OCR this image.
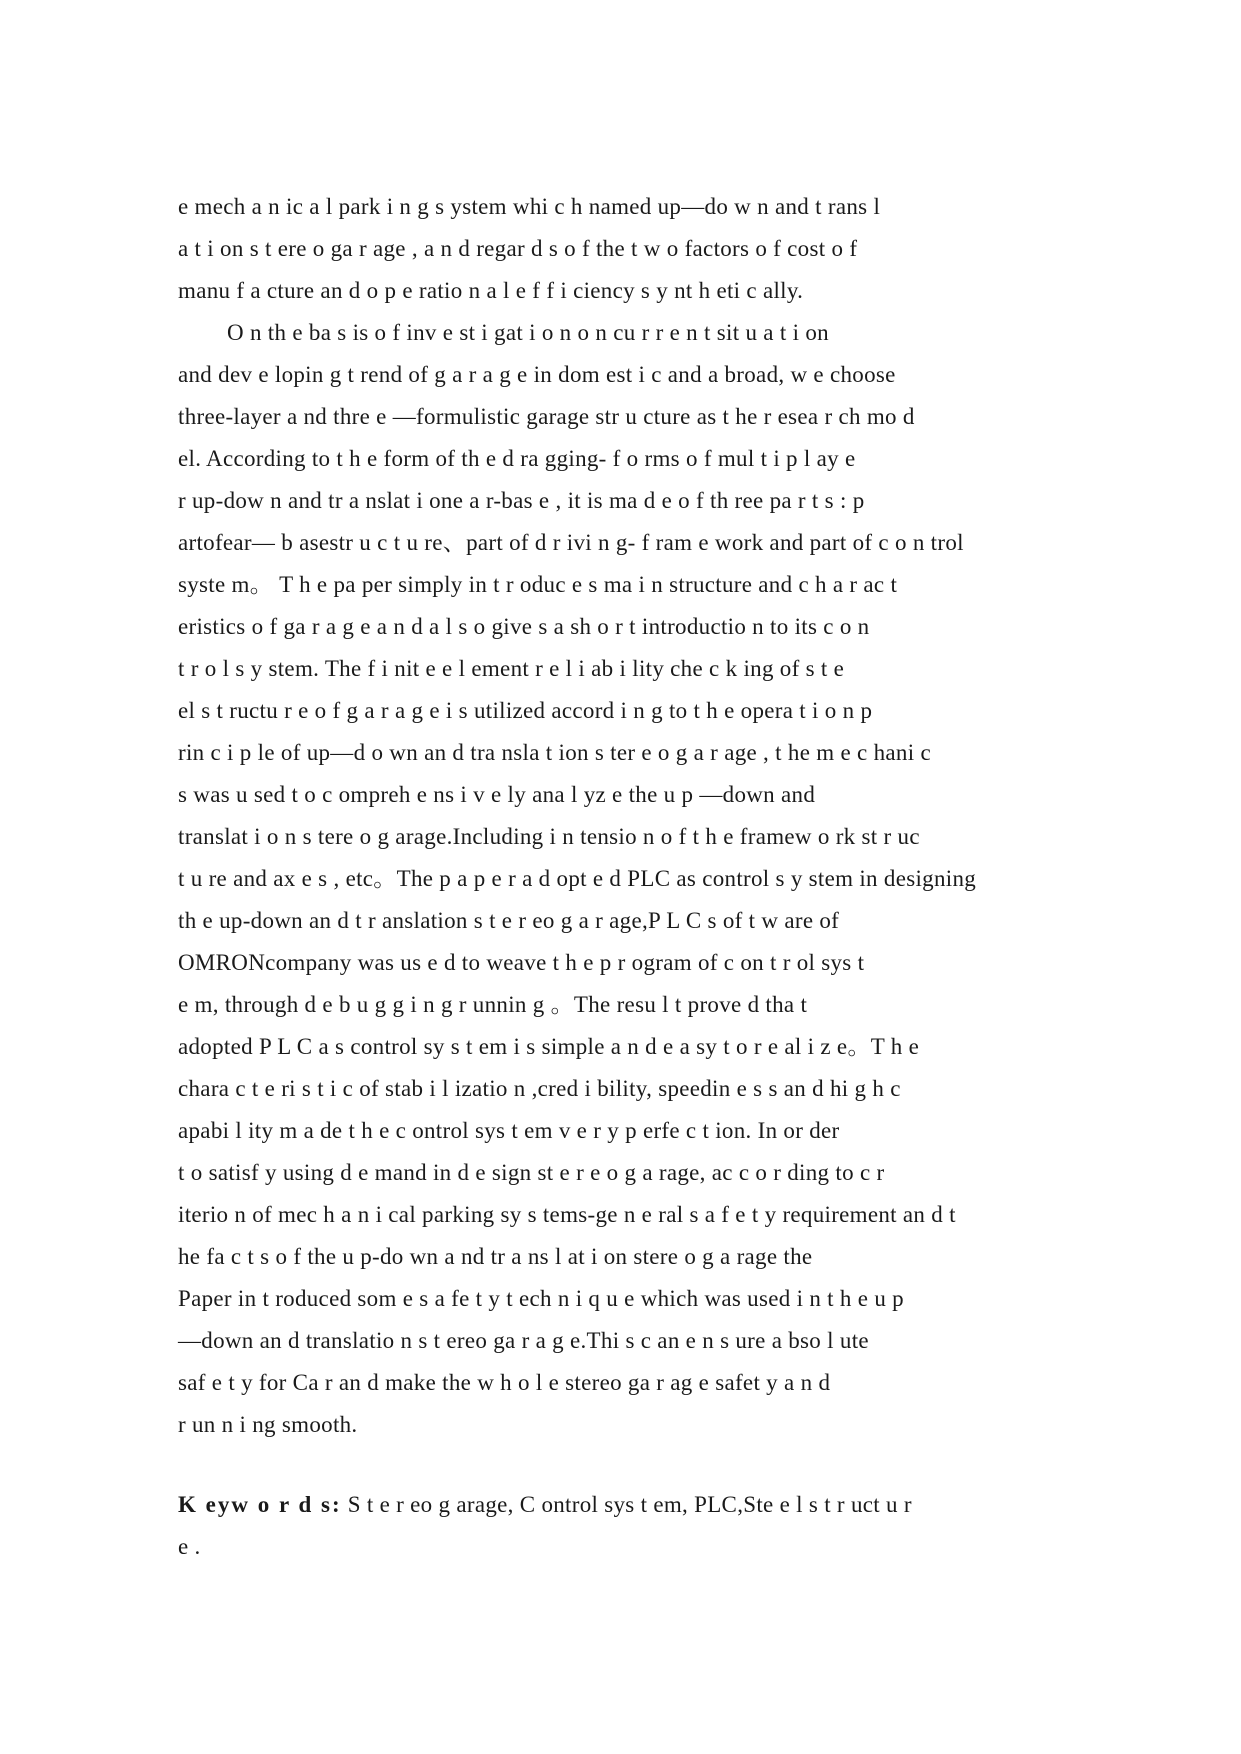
e mech a n ic a l park i n g s ystem whi c h named up—do w n and t rans l
a t i on s t ere o ga r age , a n d regar d s o f the t w o factors o f cost o f
manu f a cture an d o p e ratio n a l e f f i ciency s y nt h eti c ally.
O n th e ba s is o f inv e st i gat i o n o n cu r r e n t sit u a t i on
and dev e lopin g t rend of g a r a g e in dom est i c and a broad, w e choose
three-layer a nd thre e —formulistic garage str u cture as t he r esea r ch mo d
el. According to t h e form of th e d ra gging- f o rms o f mul t i p l ay e
r up-dow n and tr a nslat i one a r-bas e , it is ma d e o f th ree pa r t s : p
artofear— b asestr u c t u re、part of d r ivi n g- f ram e work and part of c o n trol
syste m。 T h e pa per simply in t r oduc e s ma i n structure and c h a r ac t
eristics o f ga r a g e a n d a l s o give s a sh o r t introductio n to its c o n
t r o l s y stem. The f i nit e e l ement r e l i ab i lity che c k ing of s t e
el s t ructu r e o f g a r a g e i s utilized accord i n g to t h e opera t i o n p
rin c i p le of up—d o wn an d tra nsla t ion s ter e o g a r age , t he m e c hani c
s was u sed t o c ompreh e ns i v e ly ana l yz e the u p —down and
translat i o n s tere o g arage.Including i n tensio n o f t h e framew o rk st r uc
t u re and ax e s , etc。The p a p e r a d opt e d PLC as control s y stem in designing
th e up-down an d t r anslation s t e r eo g a r age,P L C s of t w are of
OMRONcompany was us e d to weave t h e p r ogram of c on t r ol sys t
e m, through d e b u g g i n g r unnin g 。The resu l t prove d tha t
adopted P L C a s control sy s t em i s simple a n d e a sy t o r e al i z e。T h e
chara c t e ri s t i c of stab i l izatio n ,cred i bility, speedin e s s an d hi g h c
apabi l ity m a de t h e c ontrol sys t em v e r y p erfe c t ion. In or der
t o satisf y using d e mand in d e sign st e r e o g a rage, ac c o r ding to c r
iterio n of mec h a n i cal parking sy s tems-ge n e ral s a f e t y requirement an d t
he fa c t s o f the u p-do wn a nd tr a ns l at i on stere o g a rage the
Paper in t roduced som e s a fe t y t ech n i q u e which was used i n t h e u p
—down an d translatio n s t ereo ga r a g e.Thi s c an e n s ure a bso l ute
saf e t y for Ca r an d make the w h o l e stereo ga r ag e safet y a n d
r un n i ng smooth.
K eyw o r d s: S t e r eo g arage, C ontrol sys t em, PLC,Ste e l s t r uct u r
e .
